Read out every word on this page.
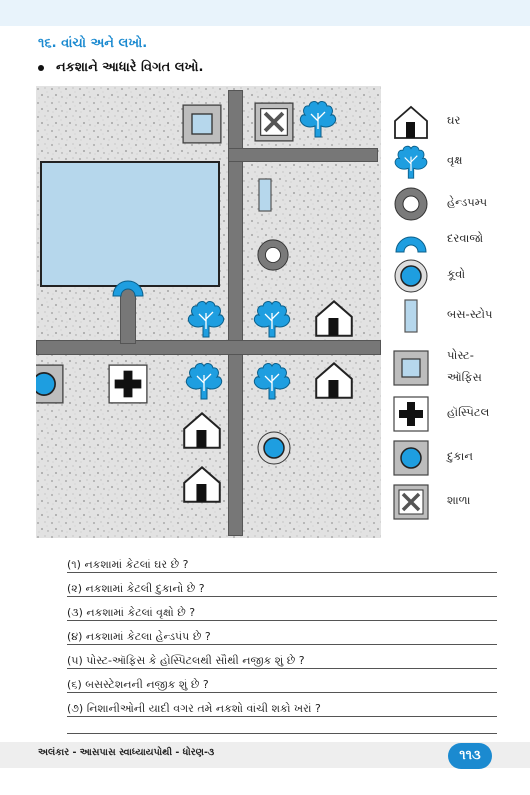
૧૬. વાંચો અને લખો.
નકશાને આધારે વિગત લખો.
ઘર
વૃક્ષ
હેન્ડપમ્પ
દરવાજો
કૂવો
બસ-સ્ટોપ
પોસ્ટ-ઑફિસ
હૉસ્પિટલ
દુકાન
શાળા
(૧) નકશામાં કેટલાં ઘર છે ?
(૨) નકશામાં કેટલી દુકાનો છે ?
(૩) નકશામાં કેટલાં વૃક્ષો છે ?
(૪) નકશામાં કેટલા હેન્ડપંપ છે ?
(૫) પોસ્ટ-ઑફિસ કે હોસ્પિટલથી સૌથી નજીક શું છે ?
(૬) બસસ્ટેશનની નજીક શું છે ?
(૭) નિશાનીઓની યાદી વગર તમે નકશો વાંચી શકો ખરાં ?
અલંકાર - આસપાસ સ્વાધ્યાયપોથી - ધોરણ-૩	૧૧૩
